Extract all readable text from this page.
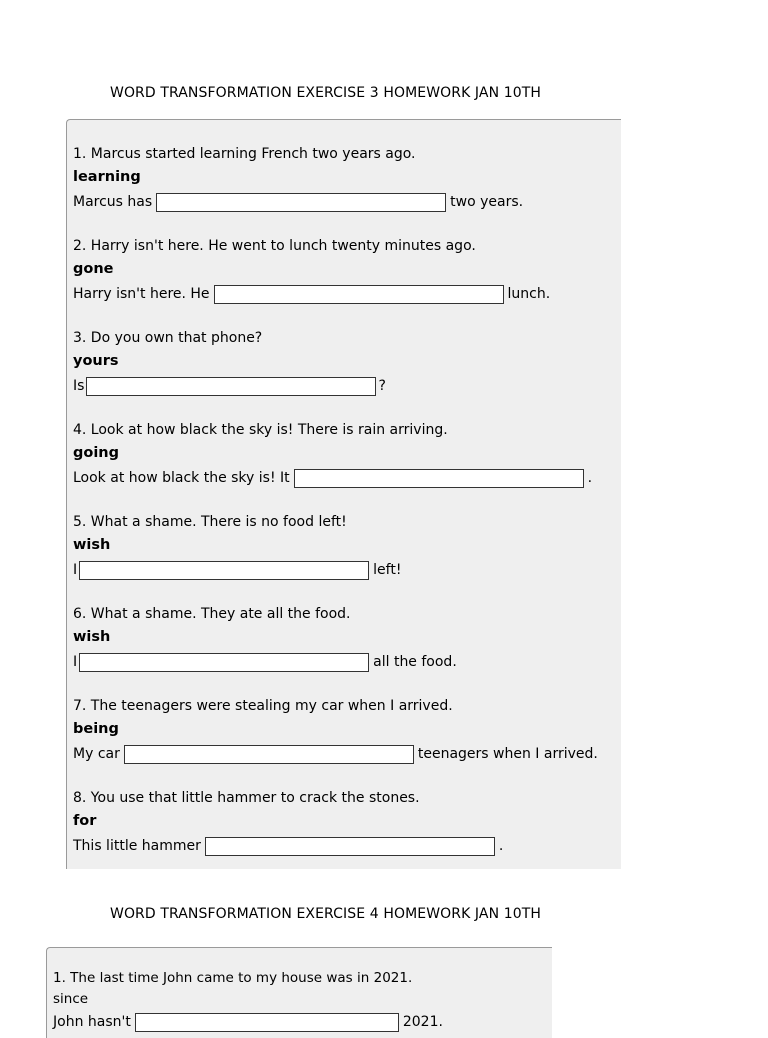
WORD TRANSFORMATION EXERCISE 3 HOMEWORK JAN 10TH
1. Marcus started learning French two years ago.
learning
Marcus has	two years.
2. Harry isn't here. He went to lunch twenty minutes ago.
gone
Harry isn't here. He	lunch.
3. Do you own that phone?
yours
Is	?
4. Look at how black the sky is! There is rain arriving.
going
Look at how black the sky is! It	.
5. What a shame. There is no food left!
wish
I	left!
6. What a shame. They ate all the food.
wish
I	all the food.
7. The teenagers were stealing my car when I arrived.
being
My car	teenagers when I arrived.
8. You use that little hammer to crack the stones.
for
This little hammer	.
WORD TRANSFORMATION EXERCISE 4 HOMEWORK JAN 10TH
1. The last time John came to my house was in 2021.
since
John hasn't	2021.
